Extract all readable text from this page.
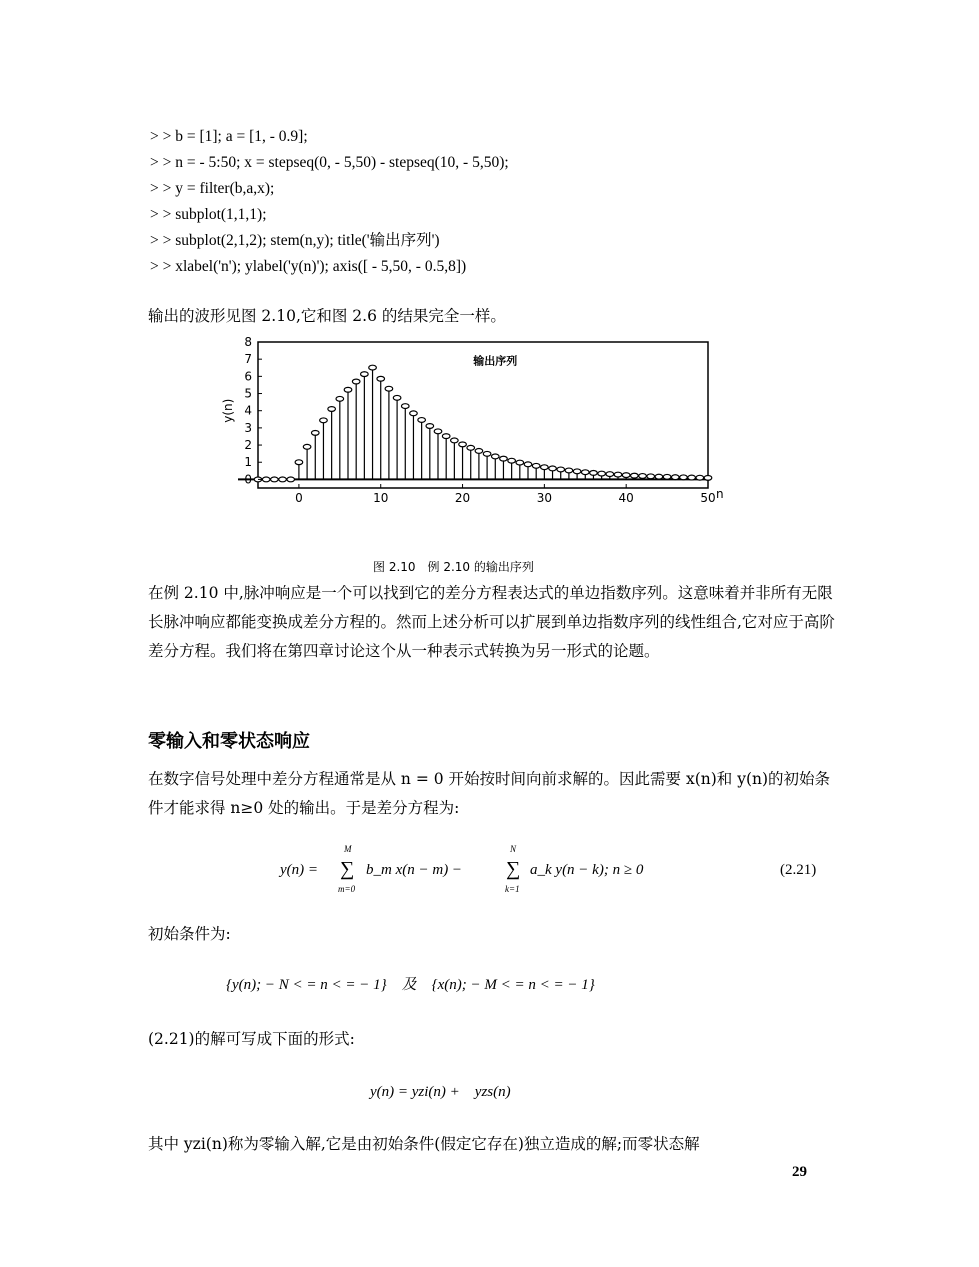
> > b = [1]; a = [1, - 0.9];
> > n = - 5:50; x = stepseq(0, - 5,50) - stepseq(10, - 5,50);
> > y = filter(b,a,x);
> > subplot(1,1,1);
> > subplot(2,1,2); stem(n,y); title('输出序列')
> > xlabel('n'); ylabel('y(n)'); axis([ - 5,50, - 0.5,8])
输出的波形见图 2.10,它和图 2.6 的结果完全一样。
0	10	20	30	40	50
0
1
2
3
4
5
6
7
8
输出序列
y(n)
n
图 2.10　例 2.10 的输出序列
在例 2.10 中,脉冲响应是一个可以找到它的差分方程表达式的单边指数序列。这意味着并非所有无限长脉冲响应都能变换成差分方程的。然而上述分析可以扩展到单边指数序列的线性组合,它对应于高阶差分方程。我们将在第四章讨论这个从一种表示式转换为另一形式的论题。
零输入和零状态响应
在数字信号处理中差分方程通常是从 n = 0 开始按时间向前求解的。因此需要 x(n)和 y(n)的初始条件才能求得 n≥0 处的输出。于是差分方程为:
y(n) =
M
∑
m=0
b_m x(n − m) −
N
∑
k=1
a_k y(n − k); n ≥ 0	(2.21)
初始条件为:
{y(n); − N < = n < = − 1}　及　{x(n); − M < = n < = − 1}
(2.21)的解可写成下面的形式:
y(n) = yzi(n) +　yzs(n)
其中 yzi(n)称为零输入解,它是由初始条件(假定它存在)独立造成的解;而零状态解
29
